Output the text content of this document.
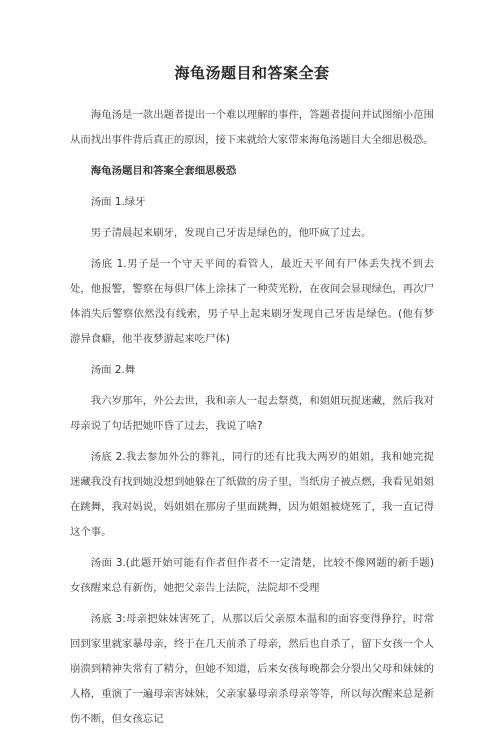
海龟汤题目和答案全套

海龟汤是一款出题者提出一个难以理解的事件，答题者提问并试图缩小范围从而找出事件背后真正的原因，接下来就给大家带来海龟汤题目大全细思极恐。

海龟汤题目和答案全套细思极恐

汤面 1.绿牙

男子清晨起来刷牙，发现自己牙齿是绿色的，他吓疯了过去。

汤底 1.男子是一个守天平间的看管人，最近天平间有尸体丢失找不到去处，他报警，警察在每俱尸体上涂抹了一种荧光粉，在夜间会显现绿色，再次尸体消失后警察依然没有线索，男子早上起来刷牙发现自己牙齿是绿色。(他有梦游异食癖，他半夜梦游起来吃尸体)

汤面 2.舞

我六岁那年，外公去世，我和亲人一起去祭奠，和姐姐玩捉迷藏，然后我对母亲说了句话把她吓昏了过去，我说了啥?

汤底 2.我去参加外公的葬礼，同行的还有比我大两岁的姐姐，我和她完捉迷藏我没有找到她没想到她躲在了纸做的房子里，当纸房子被点燃，我看见姐姐在跳舞，我对妈说，妈姐姐在那房子里面跳舞，因为姐姐被烧死了，我一直记得这个事。

汤面 3.(此题开始可能有作者但作者不一定清楚，比较不像网题的新手题)女孩醒来总有新伤，她把父亲告上法院，法院却不受理

汤底 3:母亲把妹妹害死了，从那以后父亲原本温和的面容变得狰狞，时常回到家里就家暴母亲，终于在几天前杀了母亲，然后也自杀了，留下女孩一个人崩溃到精神失常有了精分，但她不知道，后来女孩每晚都会分裂出父母和妹妹的人格，重演了一遍母亲害妹妹，父亲家暴母亲杀母亲等等，所以每次醒来总是新伤不断，但女孩忘记
